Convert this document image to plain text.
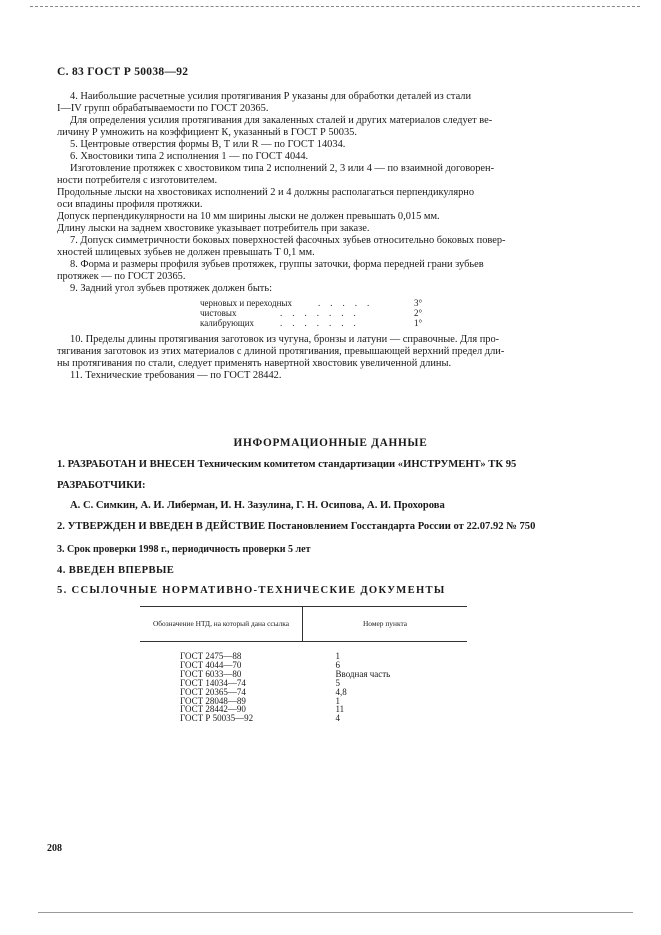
С. 83 ГОСТ Р 50038—92
4. Наибольшие расчетные усилия протягивания Р указаны для обработки деталей из стали
I—IV групп обрабатываемости по ГОСТ 20365.
Для определения усилия протягивания для закаленных сталей и других материалов следует ве-
личину Р умножить на коэффициент К, указанный в ГОСТ Р 50035.
5. Центровые отверстия формы В, Т или R — по ГОСТ 14034.
6. Хвостовики типа 2 исполнения 1 — по ГОСТ 4044.
Изготовление протяжек с хвостовиком типа 2 исполнений 2, 3 или 4 — по взаимной договорен-
ности потребителя с изготовителем.
Продольные лыски на хвостовиках исполнений 2 и 4 должны располагаться перпендикулярно
оси впадины профиля протяжки.
Допуск перпендикулярности на 10 мм ширины лыски не должен превышать 0,015 мм.
Длину лыски на заднем хвостовике указывает потребитель при заказе.
7. Допуск симметричности боковых поверхностей фасочных зубьев относительно боковых повер-
хностей шлицевых зубьев не должен превышать Т 0,1 мм.
8. Форма и размеры профиля зубьев протяжек, группы заточки, форма передней грани зубьев
протяжек — по ГОСТ 20365.
9. Задний угол зубьев протяжек должен быть:
черновых и переходных	.....	3°
чистовых	.......	2°
калибрующих	.......	1°
10. Пределы длины протягивания заготовок из чугуна, бронзы и латуни — справочные. Для про-
тягивания заготовок из этих материалов с длиной протягивания, превышающей верхний предел дли-
ны протягивания по стали, следует применять навертной хвостовик увеличенной длины.
11. Технические требования — по ГОСТ 28442.
ИНФОРМАЦИОННЫЕ ДАННЫЕ
1. РАЗРАБОТАН И ВНЕСЕН Техническим комитетом стандартизации «ИНСТРУМЕНТ» ТК 95
РАЗРАБОТЧИКИ:
А. С. Симкин, А. И. Либерман, И. Н. Зазулина, Г. Н. Осипова, А. И. Прохорова
2. УТВЕРЖДЕН И ВВЕДЕН В ДЕЙСТВИЕ Постановлением Госстандарта России от 22.07.92 № 750
3. Срок проверки 1998 г., периодичность проверки 5 лет
4. ВВЕДЕН ВПЕРВЫЕ
5. ССЫЛОЧНЫЕ НОРМАТИВНО-ТЕХНИЧЕСКИЕ ДОКУМЕНТЫ
Обозначение НТД, на который дана ссылка	Номер пункта

ГОСТ 2475—88	1
ГОСТ 4044—70	6
ГОСТ 6033—80	Вводная часть
ГОСТ 14034—74	5
ГОСТ 20365—74	4,8
ГОСТ 28048—89	1
ГОСТ 28442—90	11
ГОСТ Р 50035—92	4
208
